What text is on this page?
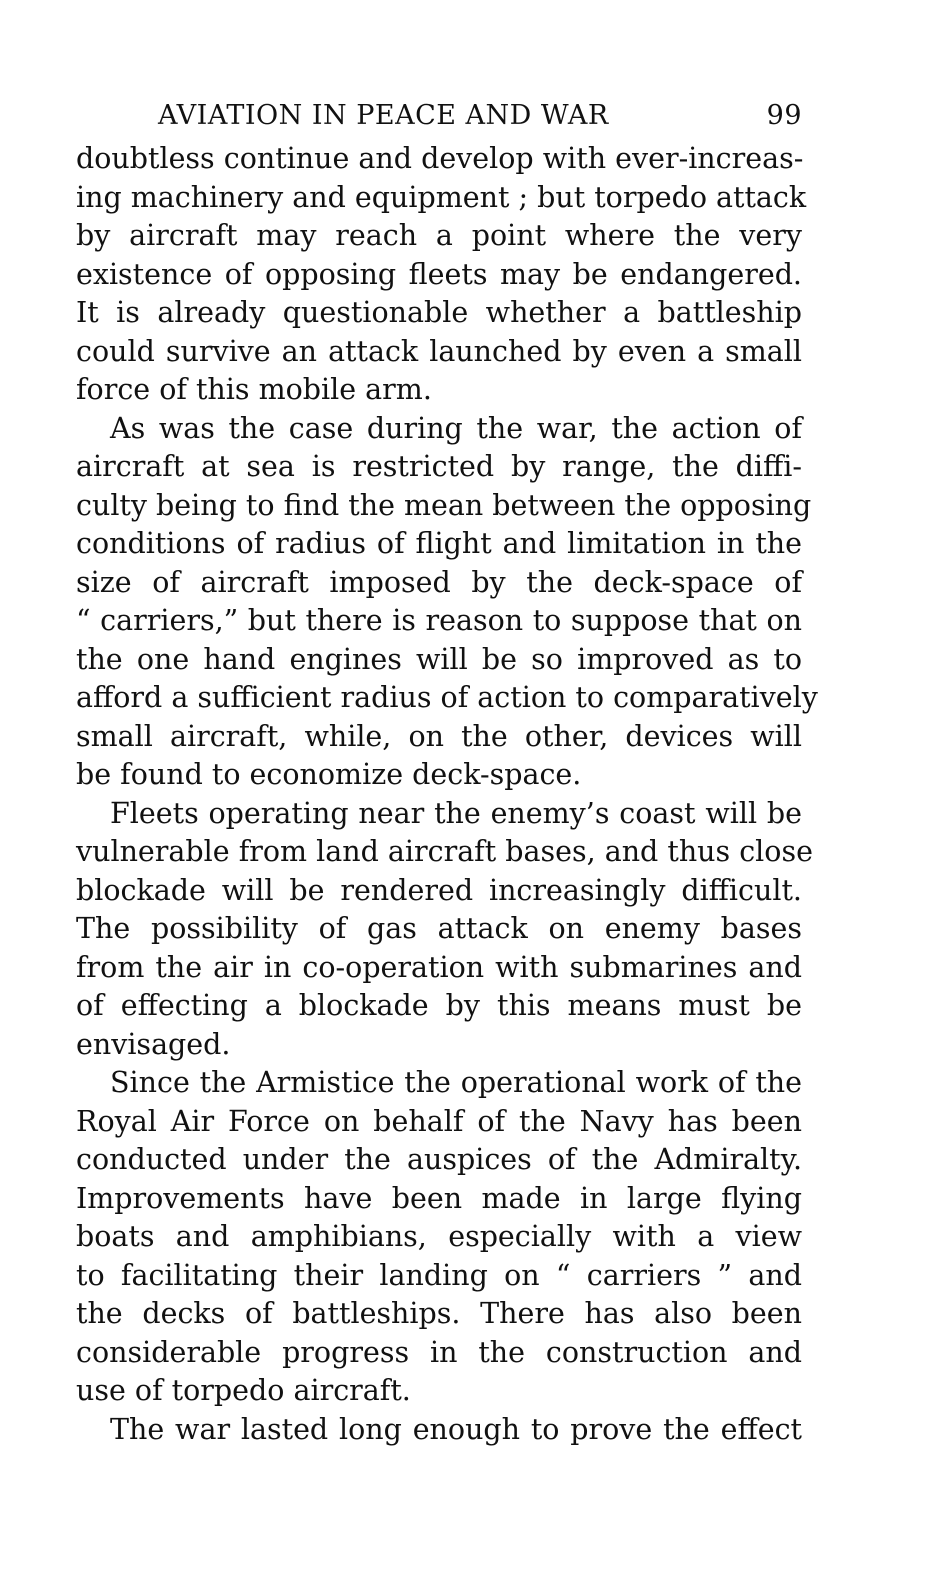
AVIATION IN PEACE AND WAR	99
doubtless continue and develop with ever-increas-
ing machinery and equipment ; but torpedo attack
by aircraft may reach a point where the very
existence of opposing fleets may be endangered.
It is already questionable whether a battleship
could survive an attack launched by even a small
force of this mobile arm.
As was the case during the war, the action of
aircraft at sea is restricted by range, the diffi-
culty being to find the mean between the opposing
conditions of radius of flight and limitation in the
size of aircraft imposed by the deck-space of
“ carriers,” but there is reason to suppose that on
the one hand engines will be so improved as to
afford a sufficient radius of action to comparatively
small aircraft, while, on the other, devices will
be found to economize deck-space.
Fleets operating near the enemy’s coast will be
vulnerable from land aircraft bases, and thus close
blockade will be rendered increasingly difficult.
The possibility of gas attack on enemy bases
from the air in co-operation with submarines and
of effecting a blockade by this means must be
envisaged.
Since the Armistice the operational work of the
Royal Air Force on behalf of the Navy has been
conducted under the auspices of the Admiralty.
Improvements have been made in large flying
boats and amphibians, especially with a view
to facilitating their landing on “ carriers ” and
the decks of battleships. There has also been
considerable progress in the construction and
use of torpedo aircraft.
The war lasted long enough to prove the effect
